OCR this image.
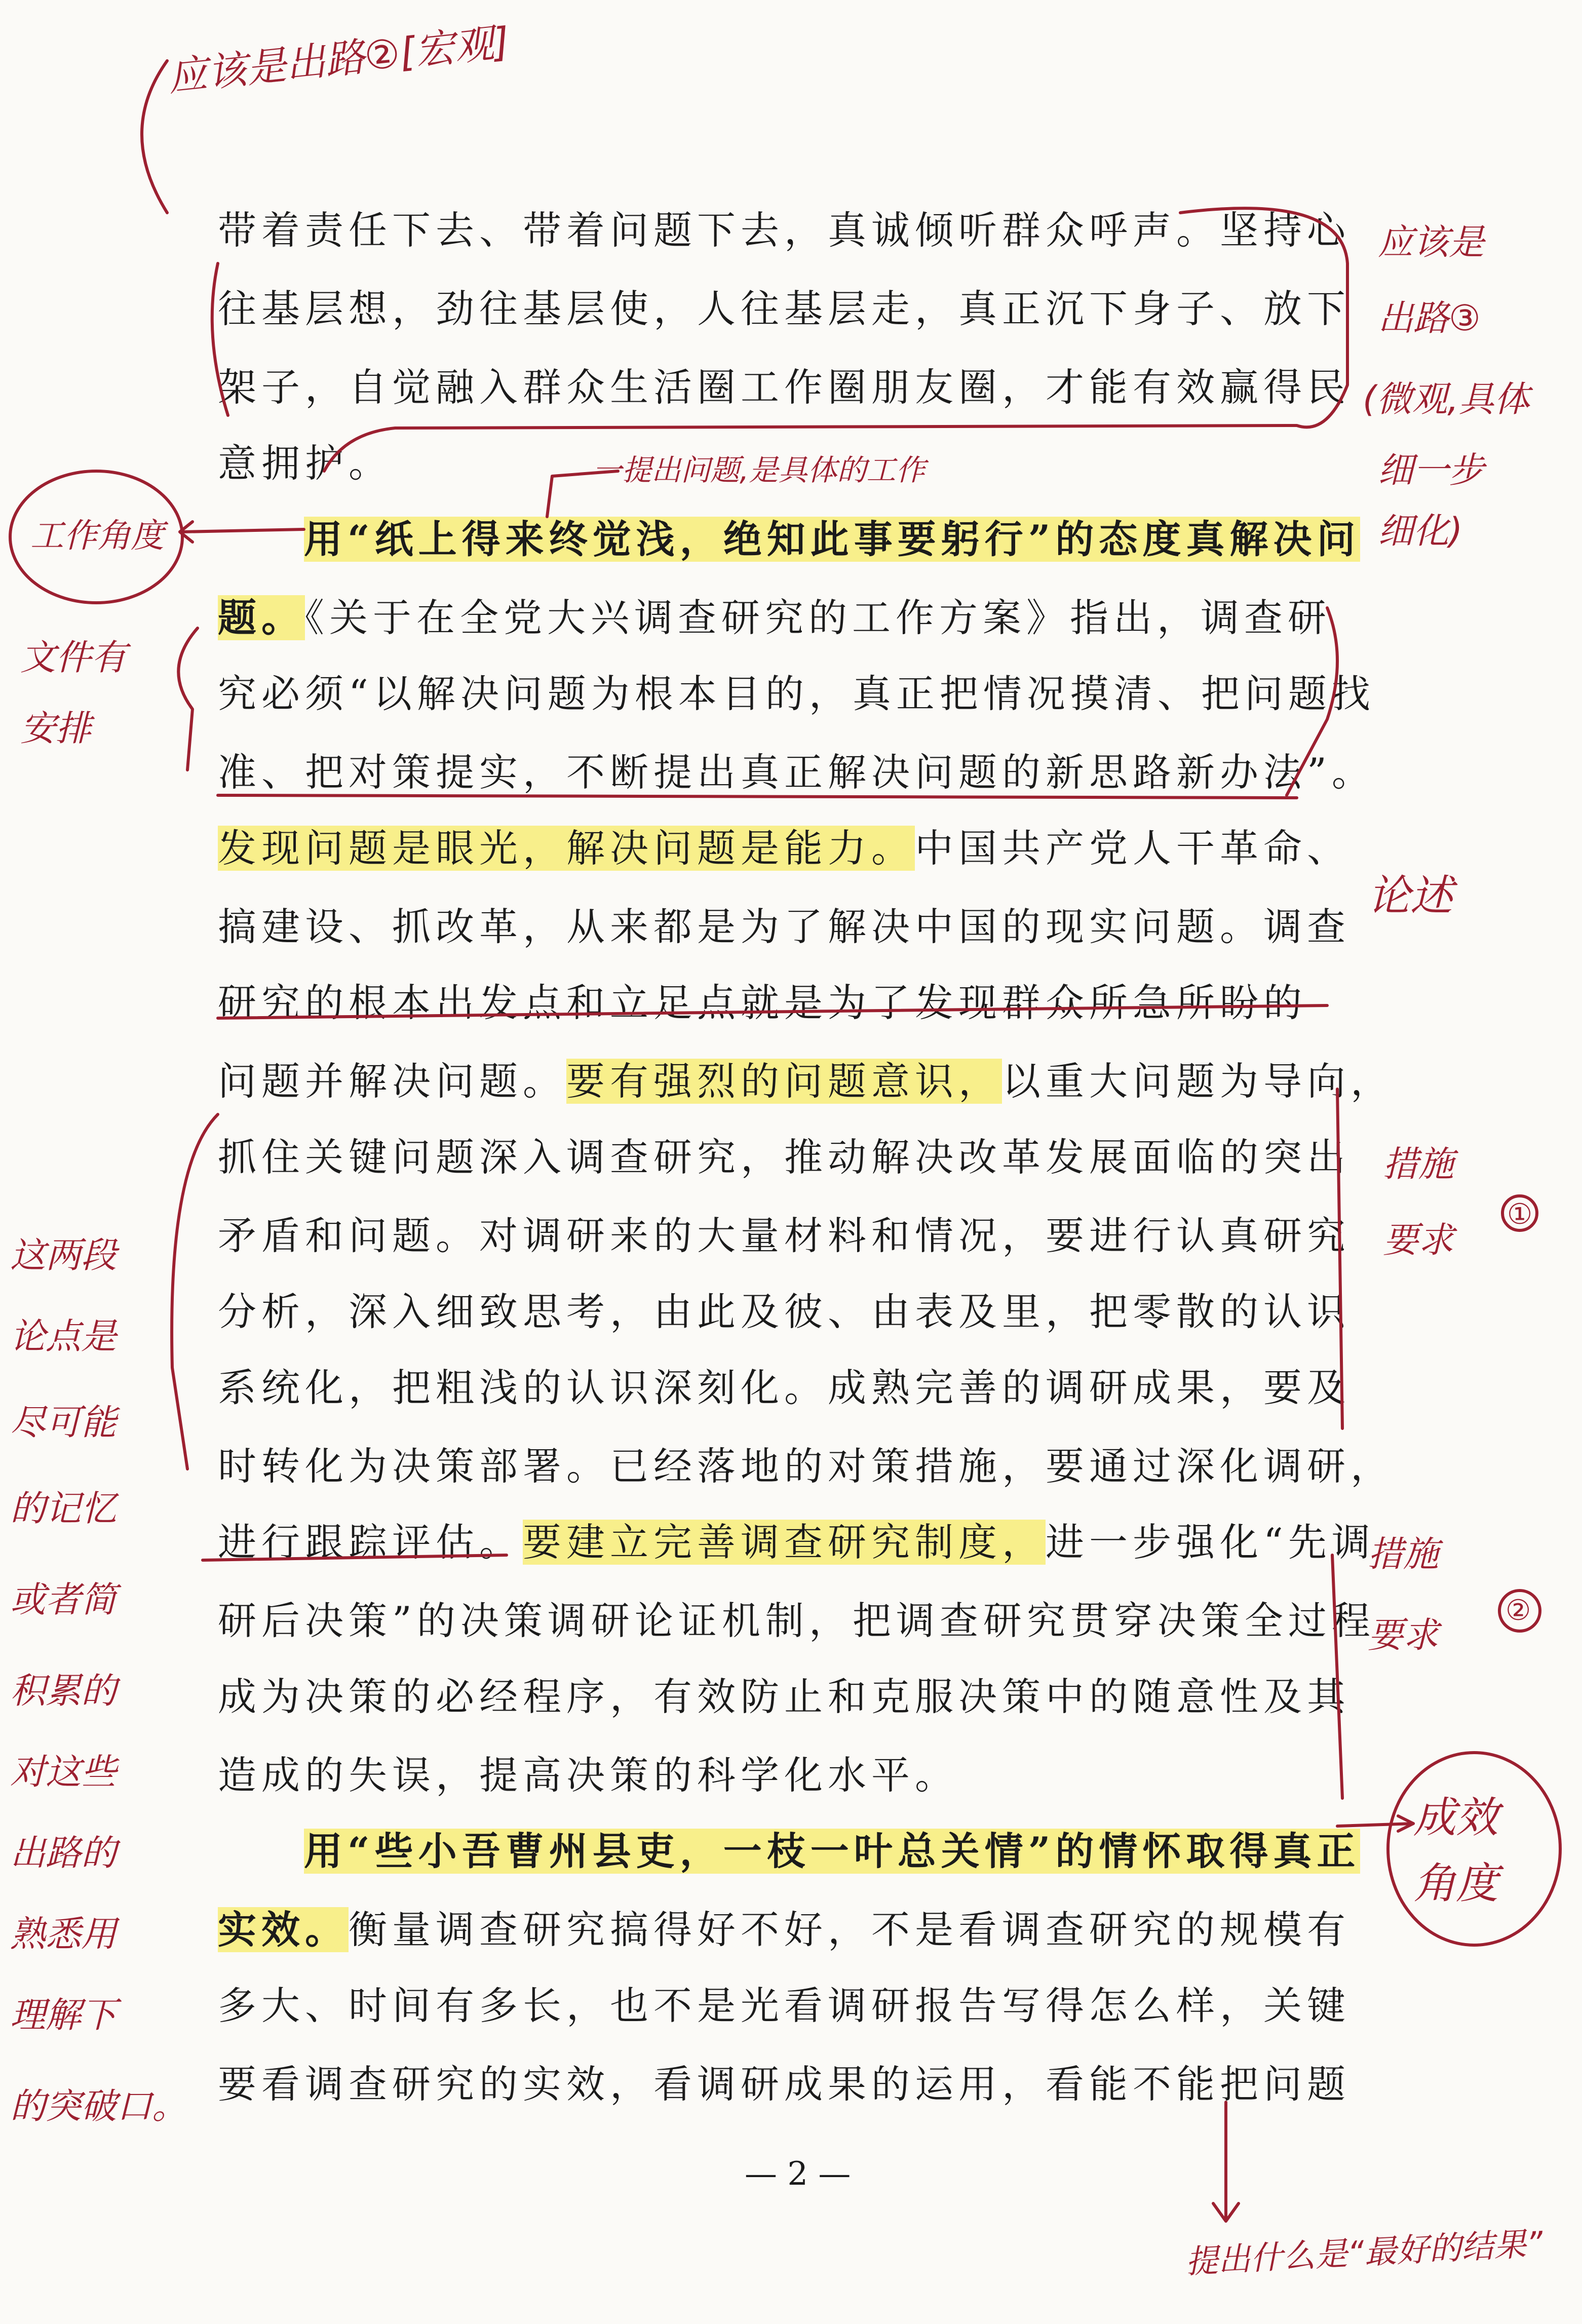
带着责任下去、带着问题下去，真诚倾听群众呼声。坚持心
往基层想，劲往基层使，人往基层走，真正沉下身子、放下
架子，自觉融入群众生活圈工作圈朋友圈，才能有效赢得民
意拥护。
用“纸上得来终觉浅，绝知此事要躬行”的态度真解决问
题。《关于在全党大兴调查研究的工作方案》指出，调查研
究必须“以解决问题为根本目的，真正把情况摸清、把问题找
准、把对策提实，不断提出真正解决问题的新思路新办法”。
发现问题是眼光，解决问题是能力。中国共产党人干革命、
搞建设、抓改革，从来都是为了解决中国的现实问题。调查
研究的根本出发点和立足点就是为了发现群众所急所盼的
问题并解决问题。要有强烈的问题意识，以重大问题为导向，
抓住关键问题深入调查研究，推动解决改革发展面临的突出
矛盾和问题。对调研来的大量材料和情况，要进行认真研究
分析，深入细致思考，由此及彼、由表及里，把零散的认识
系统化，把粗浅的认识深刻化。成熟完善的调研成果，要及
时转化为决策部署。已经落地的对策措施，要通过深化调研，
进行跟踪评估。要建立完善调查研究制度，进一步强化“先调
研后决策”的决策调研论证机制，把调查研究贯穿决策全过程
成为决策的必经程序，有效防止和克服决策中的随意性及其
造成的失误，提高决策的科学化水平。
用“些小吾曹州县吏，一枝一叶总关情”的情怀取得真正
实效。衡量调查研究搞得好不好，不是看调查研究的规模有
多大、时间有多长，也不是光看调研报告写得怎么样，关键
要看调查研究的实效，看调研成果的运用，看能不能把问题
— 2 —
应该是出路②[宏观]
应该是
出路③
(微观,具体
细一步
细化)
一提出问题,是具体的工作
工作角度
文件有
安排
论述
措施
要求
①
措施
要求
②
这两段
论点是
尽可能
的记忆
或者简
积累的
对这些
出路的
熟悉用
理解下
的突破口。
成效
角度
提出什么是“最好的结果”
